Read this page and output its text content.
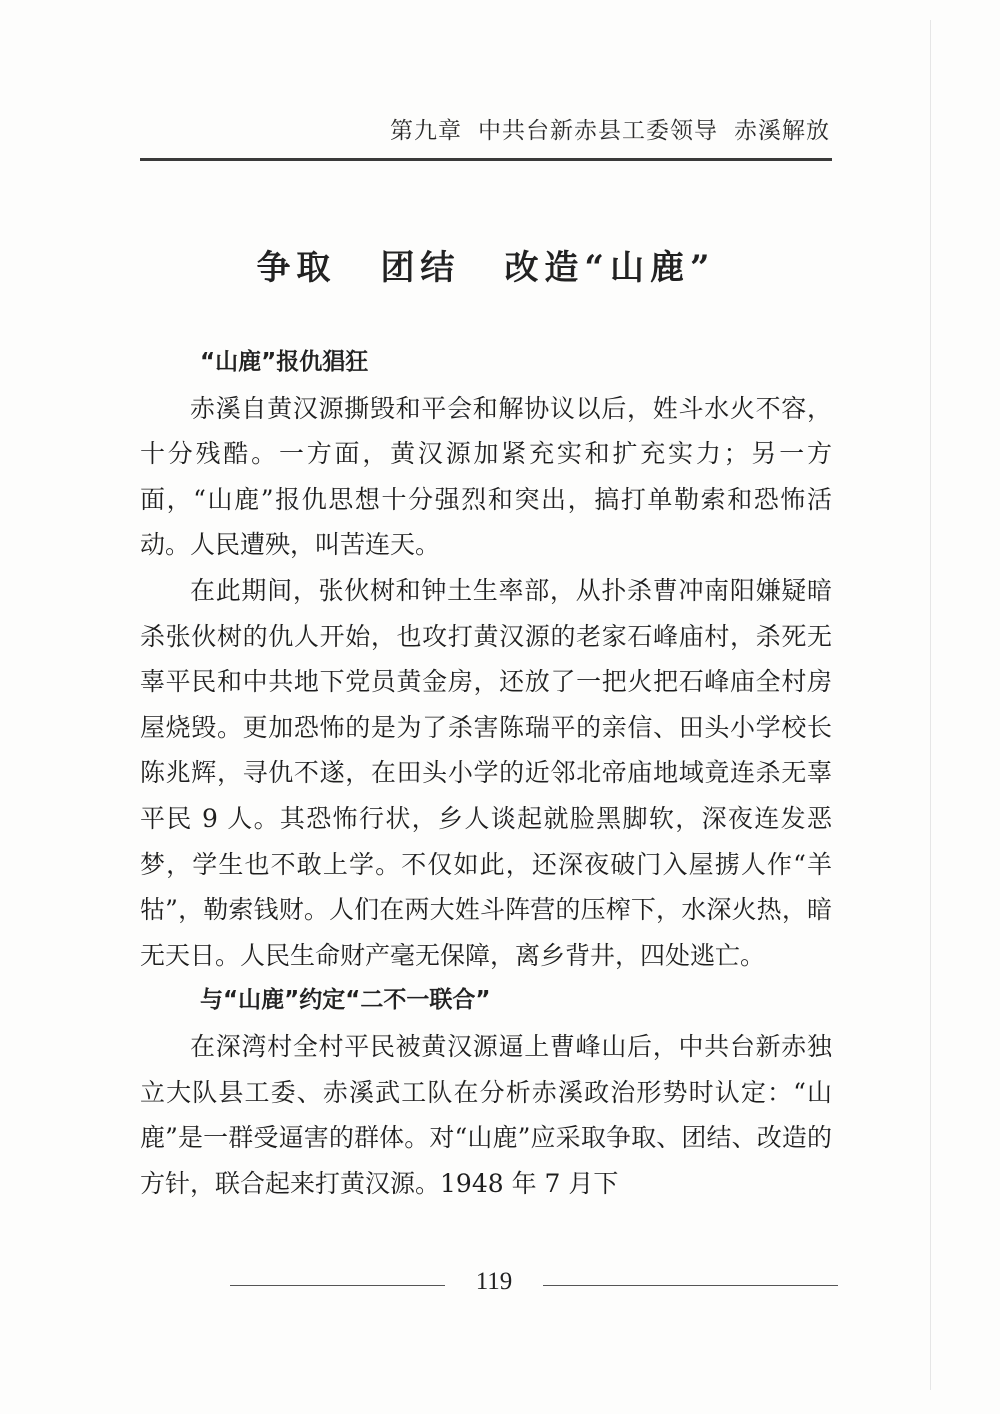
第九章 中共台新赤县工委领导 赤溪解放
争取 团结 改造“山鹿”

“山鹿”报仇猖狂

赤溪自黄汉源撕毁和平会和解协议以后，姓斗水火不容，十分残酷。一方面，黄汉源加紧充实和扩充实力；另一方面，“山鹿”报仇思想十分强烈和突出，搞打单勒索和恐怖活动。人民遭殃，叫苦连天。

在此期间，张伙树和钟土生率部，从扑杀曹冲南阳嫌疑暗杀张伙树的仇人开始，也攻打黄汉源的老家石峰庙村，杀死无辜平民和中共地下党员黄金房，还放了一把火把石峰庙全村房屋烧毁。更加恐怖的是为了杀害陈瑞平的亲信、田头小学校长陈兆辉，寻仇不遂，在田头小学的近邻北帝庙地域竟连杀无辜平民 9 人。其恐怖行状，乡人谈起就脸黑脚软，深夜连发恶梦，学生也不敢上学。不仅如此，还深夜破门入屋掳人作“羊牯”，勒索钱财。人们在两大姓斗阵营的压榨下，水深火热，暗无天日。人民生命财产毫无保障，离乡背井，四处逃亡。

与“山鹿”约定“二不一联合”

在深湾村全村平民被黄汉源逼上曹峰山后，中共台新赤独立大队县工委、赤溪武工队在分析赤溪政治形势时认定：“山鹿”是一群受逼害的群体。对“山鹿”应采取争取、团结、改造的方针，联合起来打黄汉源。1948 年 7 月下

119
